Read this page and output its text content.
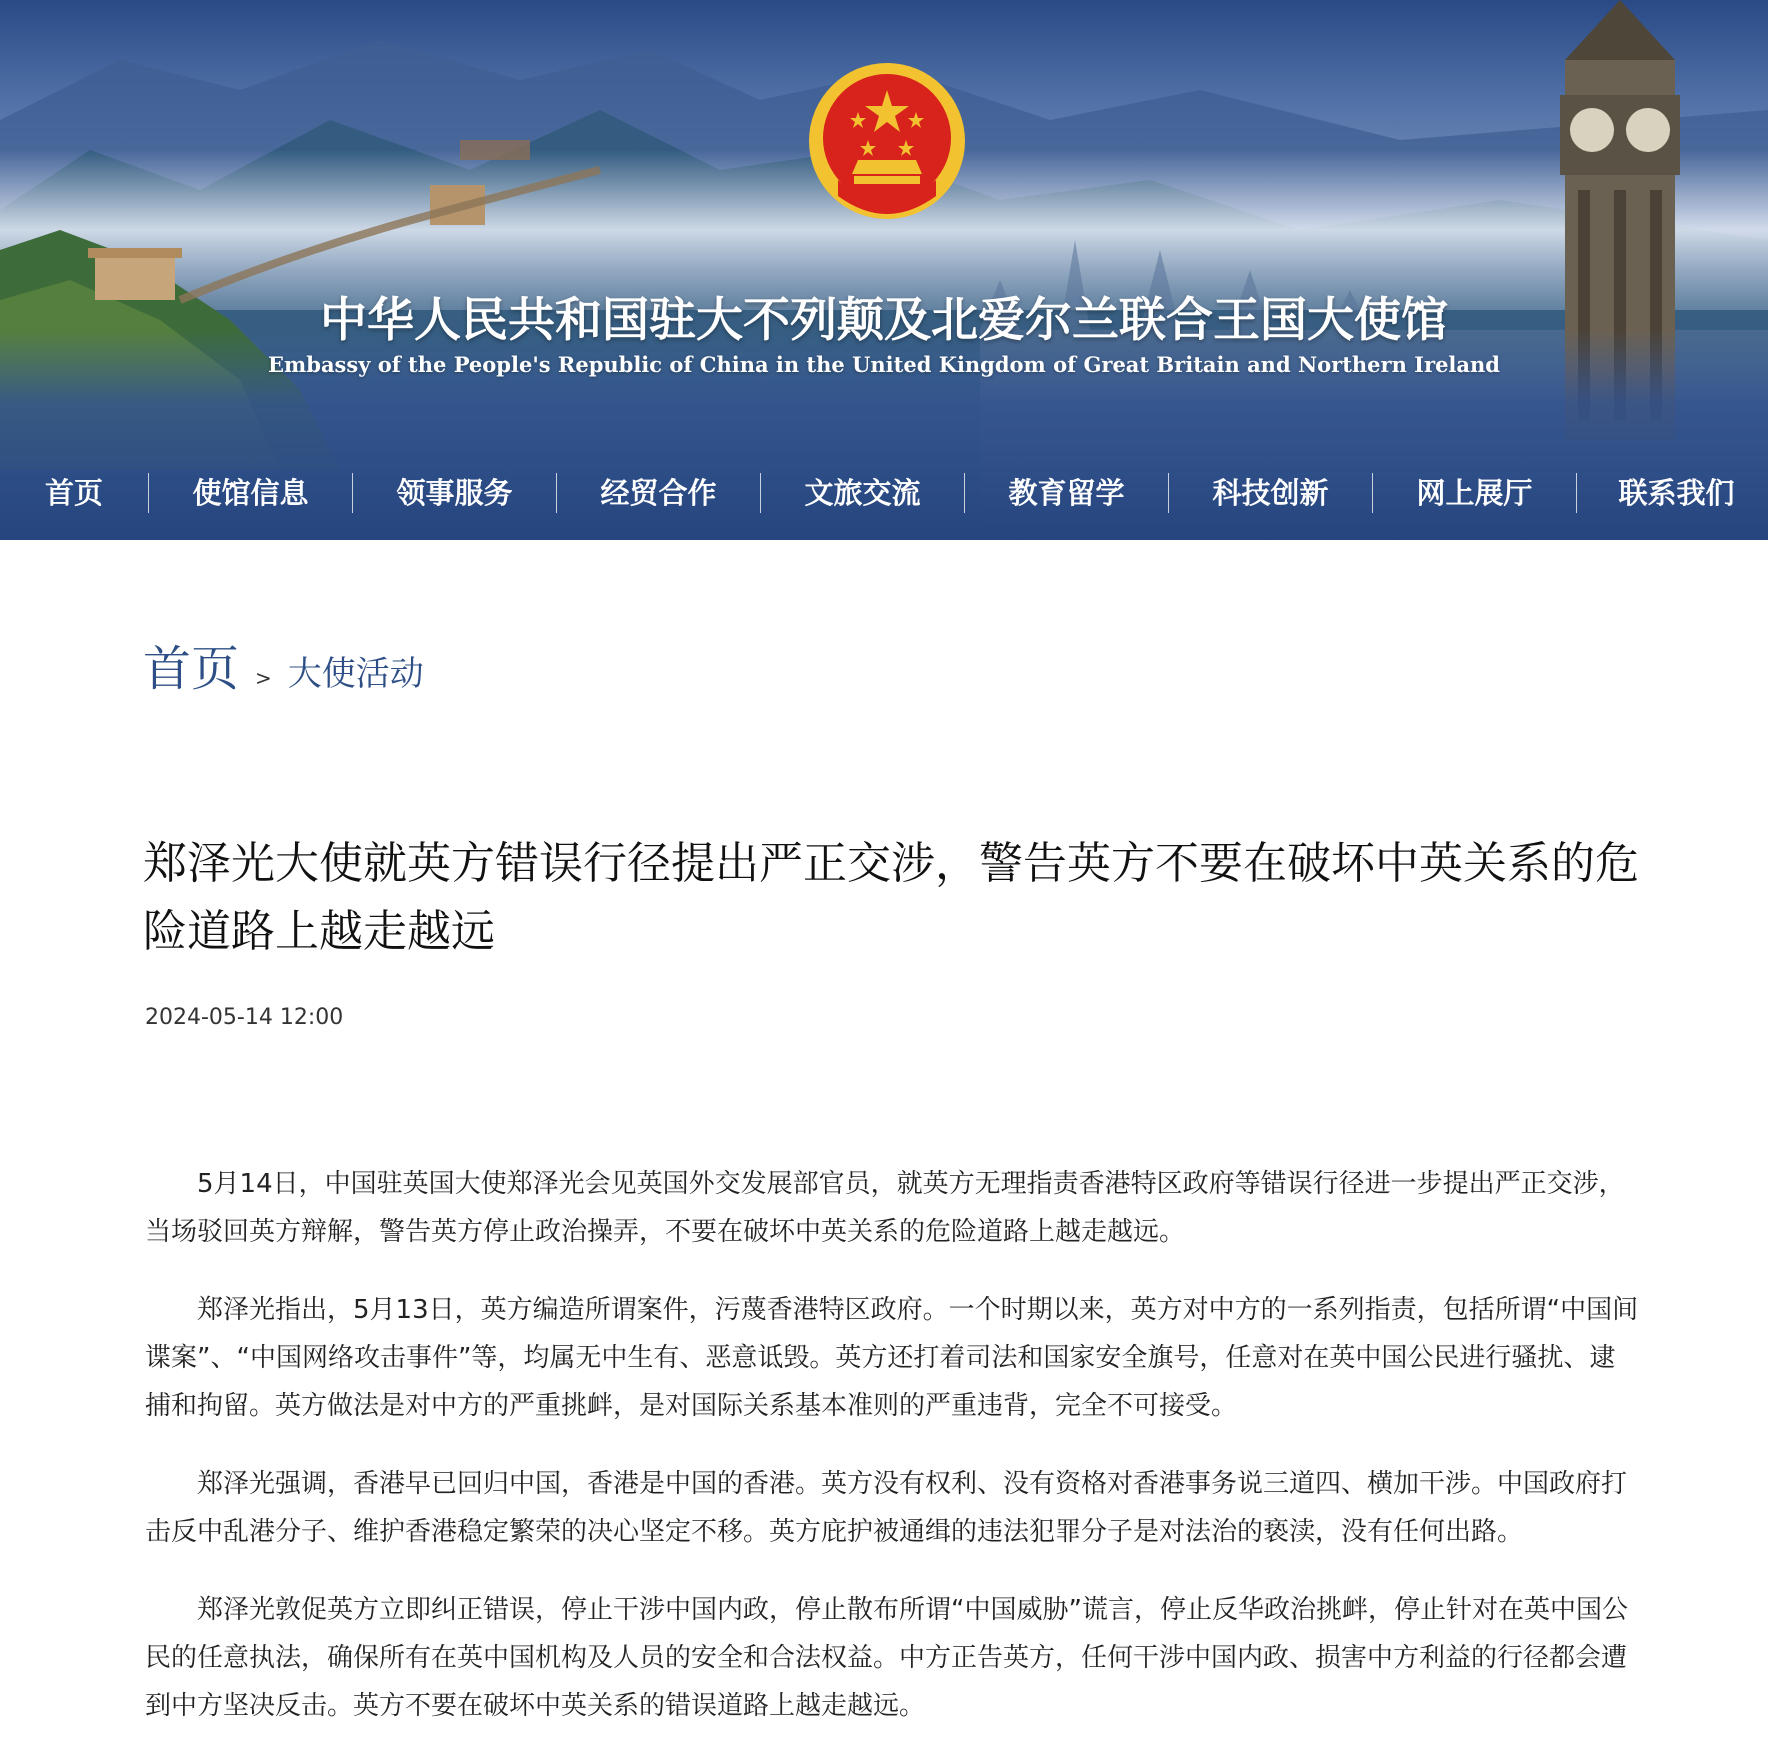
中华人民共和国驻大不列颠及北爱尔兰联合王国大使馆
Embassy of the People's Republic of China in the United Kingdom of Great Britain and Northern Ireland
首页	使馆信息	领事服务	经贸合作	文旅交流	教育留学	科技创新	网上展厅	联系我们
首页 > 大使活动
郑泽光大使就英方错误行径提出严正交涉，警告英方不要在破坏中英关系的危险道路上越走越远
2024-05-14 12:00

5月14日，中国驻英国大使郑泽光会见英国外交发展部官员，就英方无理指责香港特区政府等错误行径进一步提出严正交涉，当场驳回英方辩解，警告英方停止政治操弄，不要在破坏中英关系的危险道路上越走越远。

郑泽光指出，5月13日，英方编造所谓案件，污蔑香港特区政府。一个时期以来，英方对中方的一系列指责，包括所谓“中国间谍案”、“中国网络攻击事件”等，均属无中生有、恶意诋毁。英方还打着司法和国家安全旗号，任意对在英中国公民进行骚扰、逮捕和拘留。英方做法是对中方的严重挑衅，是对国际关系基本准则的严重违背，完全不可接受。

郑泽光强调，香港早已回归中国，香港是中国的香港。英方没有权利、没有资格对香港事务说三道四、横加干涉。中国政府打击反中乱港分子、维护香港稳定繁荣的决心坚定不移。英方庇护被通缉的违法犯罪分子是对法治的亵渎，没有任何出路。

郑泽光敦促英方立即纠正错误，停止干涉中国内政，停止散布所谓“中国威胁”谎言，停止反华政治挑衅，停止针对在英中国公民的任意执法，确保所有在英中国机构及人员的安全和合法权益。中方正告英方，任何干涉中国内政、损害中方利益的行径都会遭到中方坚决反击。英方不要在破坏中英关系的错误道路上越走越远。
